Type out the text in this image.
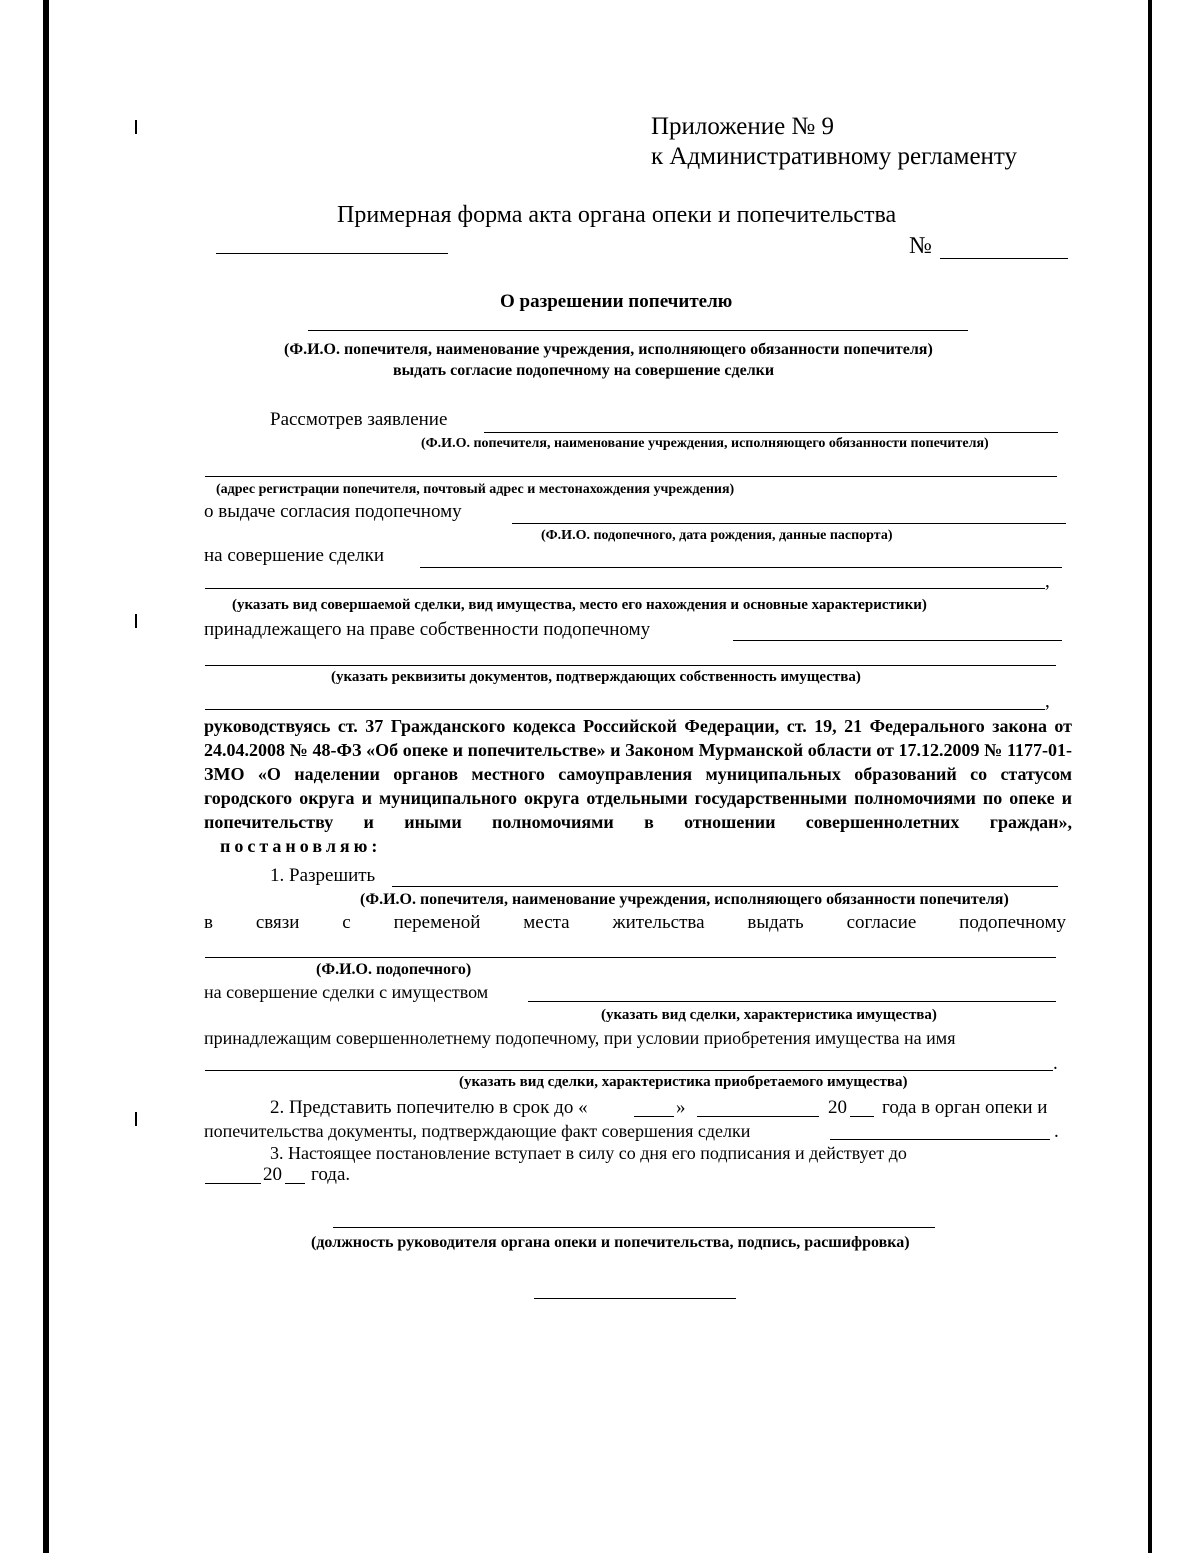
Приложение № 9
к Административному регламенту
Примерная форма акта органа опеки и попечительства
№
О разрешении попечителю
(Ф.И.О. попечителя, наименование учреждения, исполняющего обязанности попечителя)
выдать согласие подопечному на совершение сделки
Рассмотрев заявление
(Ф.И.О. попечителя, наименование учреждения, исполняющего обязанности попечителя)
(адрес регистрации попечителя, почтовый адрес и местонахождения учреждения)
о выдаче согласия подопечному
(Ф.И.О. подопечного, дата рождения, данные паспорта)
на совершение сделки
,
(указать вид совершаемой сделки, вид имущества, место его нахождения и основные характеристики)
принадлежащего на праве собственности подопечному
(указать реквизиты документов, подтверждающих собственность имущества)
,
руководствуясь ст. 37 Гражданского кодекса Российской Федерации, ст. 19, 21 Федерального закона от 24.04.2008 № 48-ФЗ «Об опеке и попечительстве» и Законом Мурманской области от 17.12.2009 № 1177-01-ЗМО «О наделении органов местного самоуправления муниципальных образований со статусом городского округа и муниципального округа отдельными государственными полномочиями по опеке и попечительству и иными полномочиями в отношении совершеннолетних граждан», постановляю:
1. Разрешить
(Ф.И.О. попечителя, наименование учреждения, исполняющего обязанности попечителя)
в связи с переменой места жительства выдать согласие подопечному
(Ф.И.О. подопечного)
на совершение сделки с имуществом
(указать вид сделки, характеристика имущества)
принадлежащим совершеннолетнему подопечному, при условии приобретения имущества на имя
.
(указать вид сделки, характеристика приобретаемого имущества)
2. Представить попечителю в срок до «	»	20 года в орган опеки и
попечительства документы, подтверждающие факт совершения сделки	.
3. Настоящее постановление вступает в силу со дня его подписания и действует до
20 года.
(должность руководителя органа опеки и попечительства, подпись, расшифровка)
